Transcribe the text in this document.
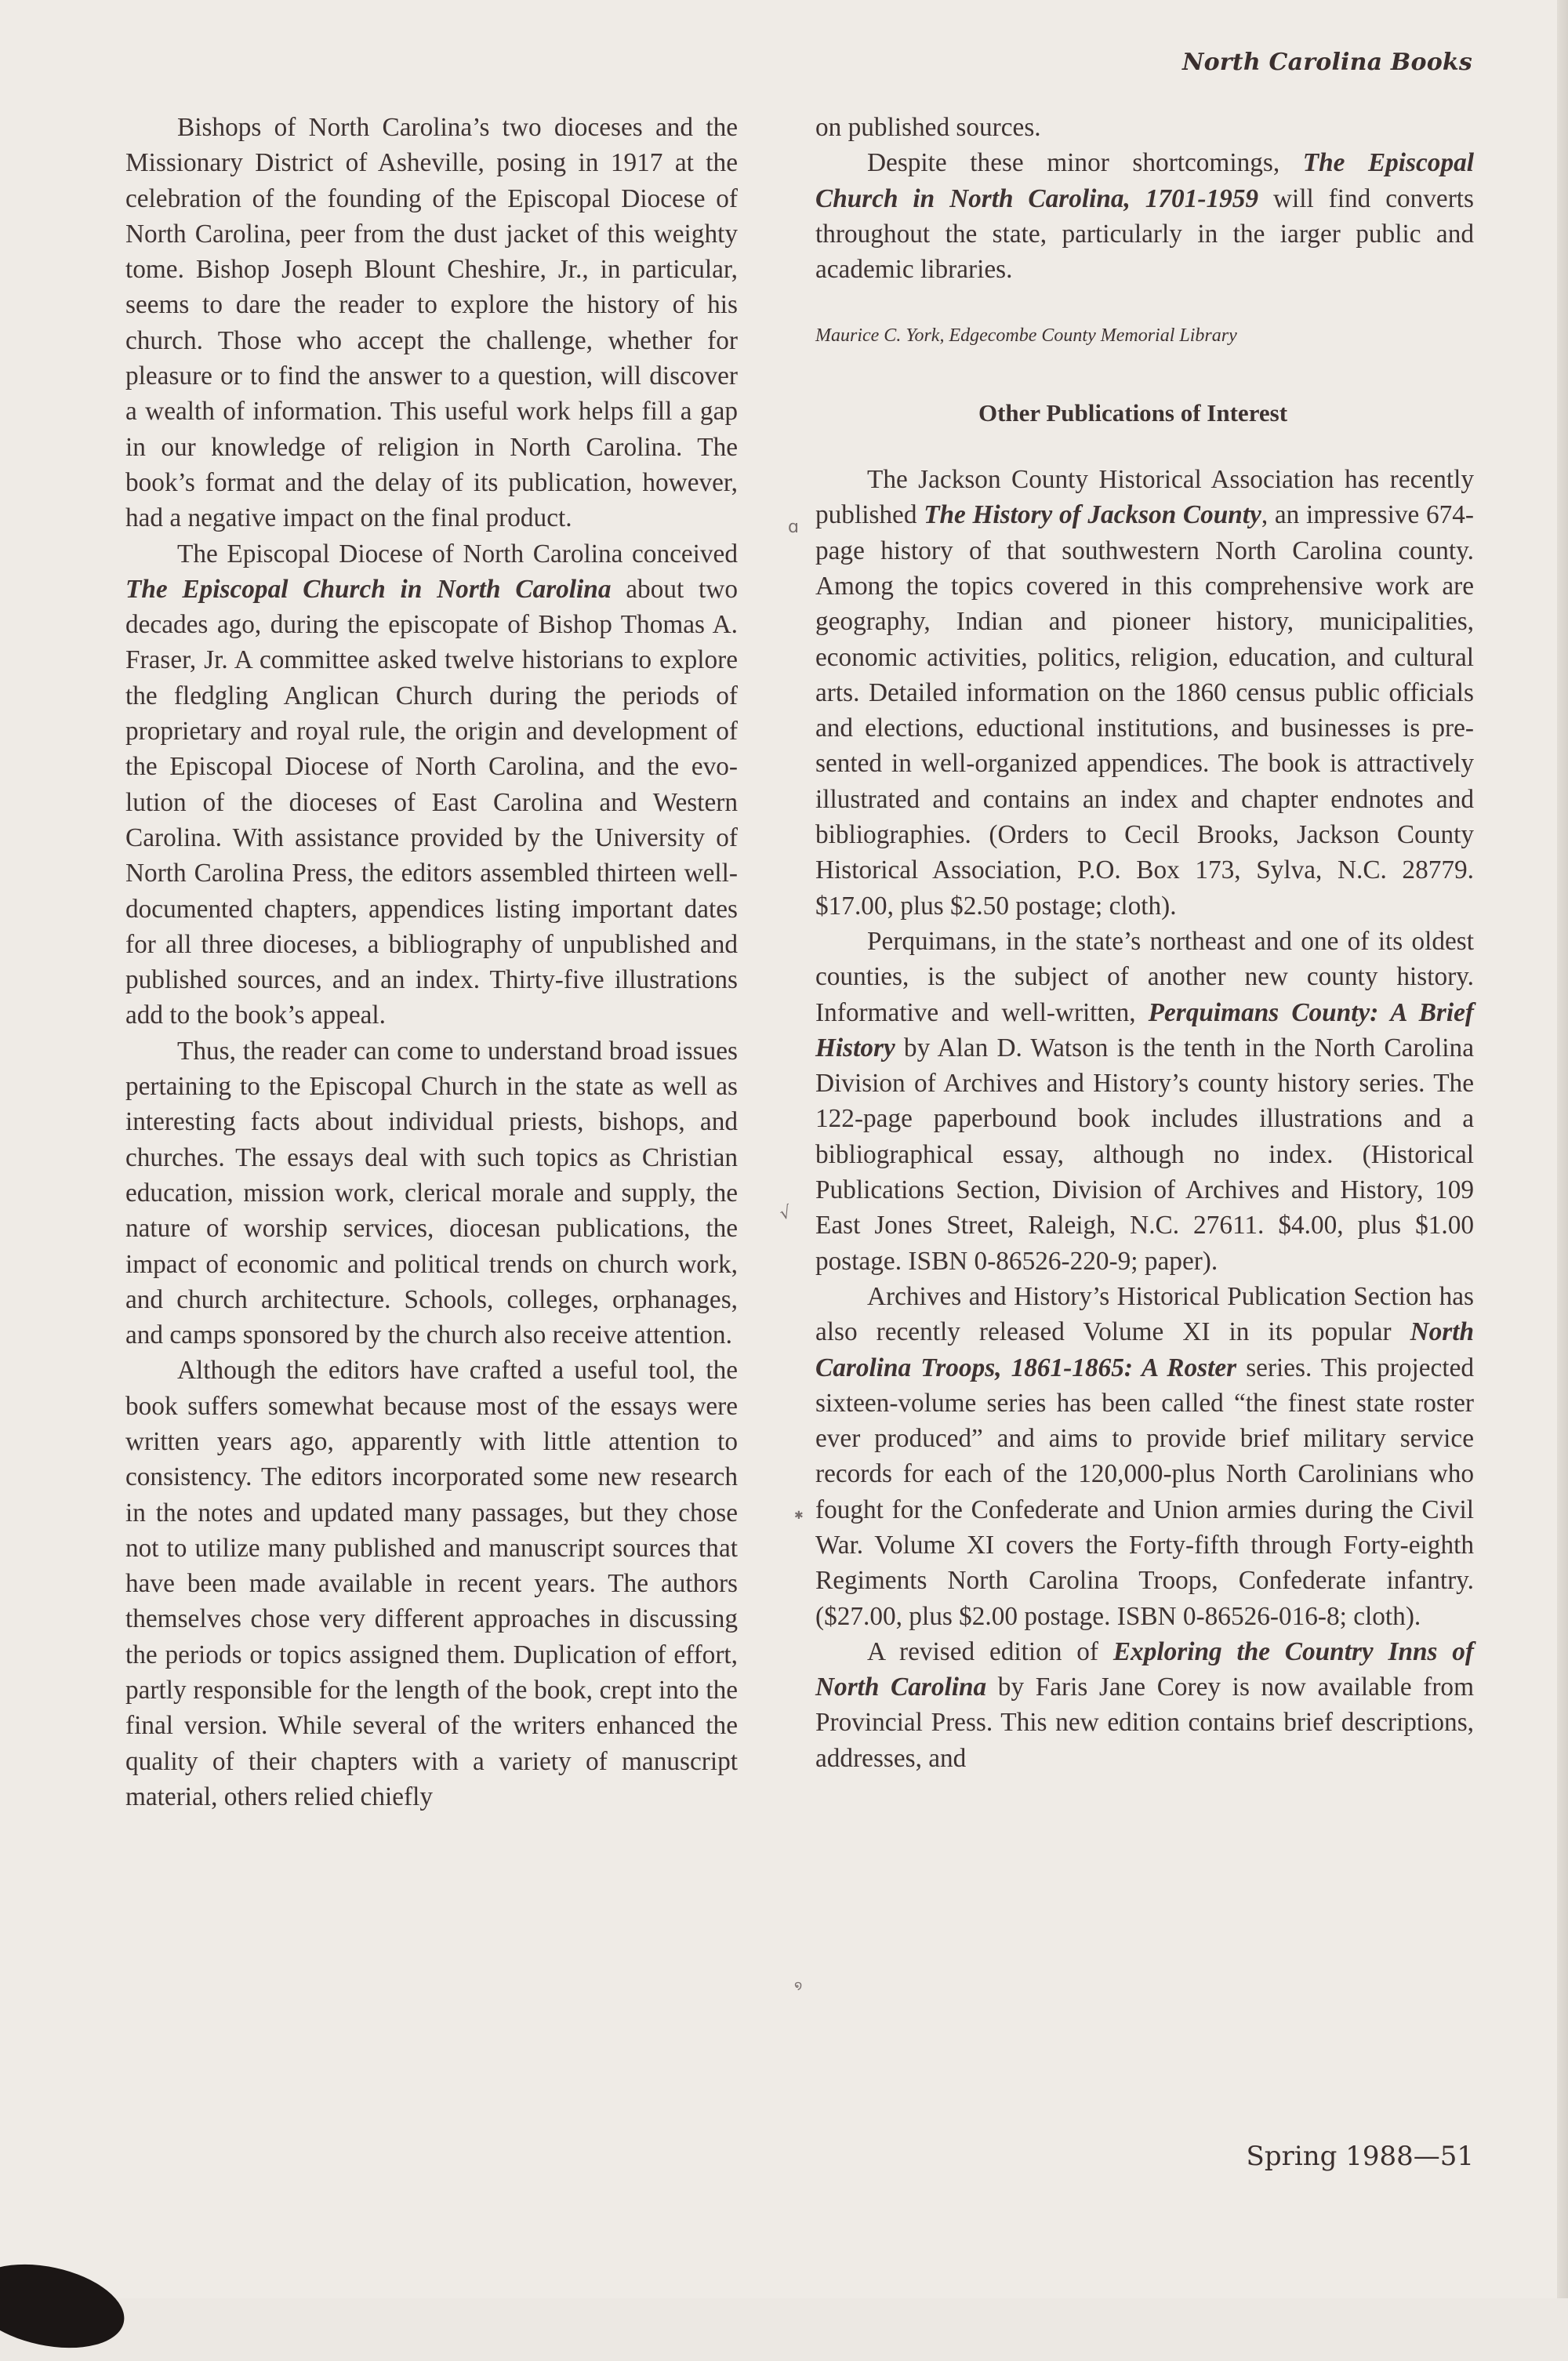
North Carolina Books

Bishops of North Carolina’s two dioceses and the Missionary District of Asheville, posing in 1917 at the celebration of the founding of the Episcopal Diocese of North Carolina, peer from the dust jacket of this weighty tome. Bishop Joseph Blount Cheshire, Jr., in particular, seems to dare the reader to explore the history of his church. Those who accept the challenge, whether for pleasure or to find the answer to a question, will discover a wealth of information. This useful work helps fill a gap in our knowledge of religion in North Carolina. The book’s format and the delay of its publication, however, had a negative impact on the final product.

The Episcopal Diocese of North Carolina conceived The Episcopal Church in North Carolina about two decades ago, during the episcopate of Bishop Thomas A. Fraser, Jr. A committee asked twelve historians to explore the fledgling Anglican Church during the periods of proprietary and royal rule, the origin and development of the Episcopal Diocese of North Carolina, and the evolution of the dioceses of East Carolina and Western Carolina. With assistance provided by the University of North Carolina Press, the editors assembled thirteen well-documented chapters, appendices listing important dates for all three dioceses, a bibliography of unpublished and published sources, and an index. Thirty-five illustrations add to the book’s appeal.

Thus, the reader can come to understand broad issues pertaining to the Episcopal Church in the state as well as interesting facts about individual priests, bishops, and churches. The essays deal with such topics as Christian education, mission work, clerical morale and supply, the nature of worship services, diocesan publications, the impact of economic and political trends on church work, and church architecture. Schools, colleges, orphanages, and camps sponsored by the church also receive attention.

Although the editors have crafted a useful tool, the book suffers somewhat because most of the essays were written years ago, apparently with little attention to consistency. The editors incorporated some new research in the notes and updated many passages, but they chose not to utilize many published and manuscript sources that have been made available in recent years. The authors themselves chose very different approaches in discussing the periods or topics assigned them. Duplication of effort, partly responsible for the length of the book, crept into the final version. While several of the writers enhanced the quality of their chapters with a variety of manuscript material, others relied chiefly

on published sources.

Despite these minor shortcomings, The Episcopal Church in North Carolina, 1701-1959 will find converts throughout the state, particularly in the iarger public and academic libraries.

Maurice C. York, Edgecombe County Memorial Library
Other Publications of Interest

The Jackson County Historical Association has recently published The History of Jackson County, an impressive 674-page history of that southwestern North Carolina county. Among the topics covered in this comprehensive work are geography, Indian and pioneer history, municipalities, economic activities, politics, religion, education, and cultural arts. Detailed information on the 1860 census public officials and elections, eductional institutions, and businesses is presented in well-organized appendices. The book is attractively illustrated and contains an index and chapter endnotes and bibliographies. (Orders to Cecil Brooks, Jackson County Historical Association, P.O. Box 173, Sylva, N.C. 28779. $17.00, plus $2.50 postage; cloth).

Perquimans, in the state’s northeast and one of its oldest counties, is the subject of another new county history. Informative and well-written, Perquimans County: A Brief History by Alan D. Watson is the tenth in the North Carolina Division of Archives and History’s county history series. The 122-page paperbound book includes illustrations and a bibliographical essay, although no index. (Historical Publications Section, Division of Archives and History, 109 East Jones Street, Raleigh, N.C. 27611. $4.00, plus $1.00 postage. ISBN 0-86526-220-9; paper).

Archives and History’s Historical Publication Section has also recently released Volume XI in its popular North Carolina Troops, 1861-1865: A Roster series. This projected sixteen-volume series has been called “the finest state roster ever produced” and aims to provide brief military service records for each of the 120,000-plus North Carolinians who fought for the Confederate and Union armies during the Civil War. Volume XI covers the Forty-fifth through Forty-eighth Regiments North Carolina Troops, Confederate infantry. ($27.00, plus $2.00 postage. ISBN 0-86526-016-8; cloth).

A revised edition of Exploring the Country Inns of North Carolina by Faris Jane Corey is now available from Provincial Press. This new edition contains brief descriptions, addresses, and

ɑ
√
✱
໑
Spring 1988—51
